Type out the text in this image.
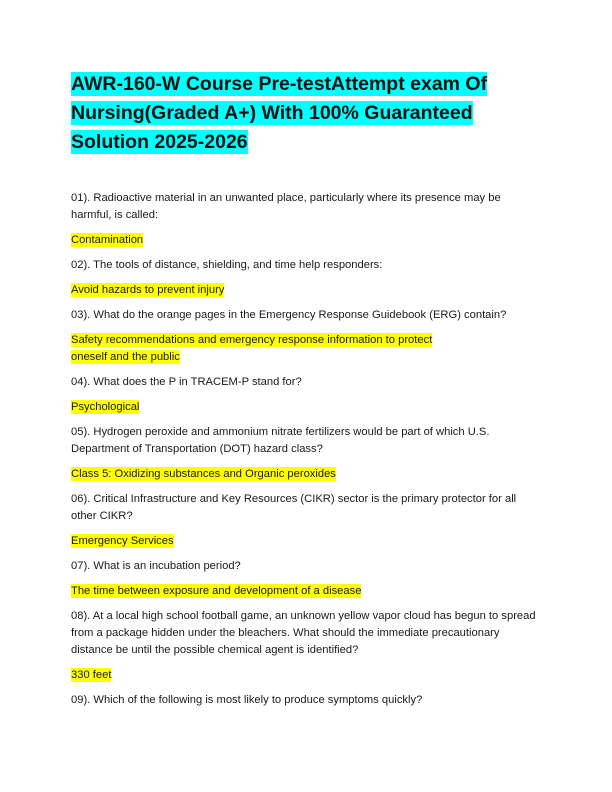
AWR-160-W Course Pre-testAttempt exam Of Nursing(Graded A+) With 100% Guaranteed Solution 2025-2026

01). Radioactive material in an unwanted place, particularly where its presence may be harmful, is called:

Contamination

02). The tools of distance, shielding, and time help responders:

Avoid hazards to prevent injury

03). What do the orange pages in the Emergency Response Guidebook (ERG) contain?

Safety recommendations and emergency response information to protect
oneself and the public

04). What does the P in TRACEM-P stand for?

Psychological

05). Hydrogen peroxide and ammonium nitrate fertilizers would be part of which U.S. Department of Transportation (DOT) hazard class?

Class 5: Oxidizing substances and Organic peroxides

06). Critical Infrastructure and Key Resources (CIKR) sector is the primary protector for all other CIKR?

Emergency Services

07). What is an incubation period?

The time between exposure and development of a disease

08). At a local high school football game, an unknown yellow vapor cloud has begun to spread from a package hidden under the bleachers. What should the immediate precautionary distance be until the possible chemical agent is identified?

330 feet

09). Which of the following is most likely to produce symptoms quickly?
